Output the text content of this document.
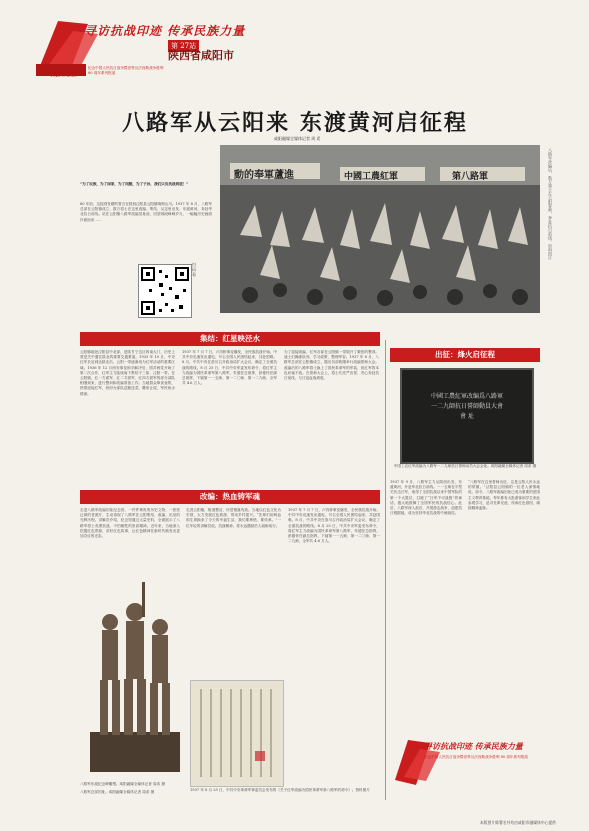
寻访抗战印迹 传承民族力量
第 27站
陕西省咸阳市
纪念中国人民抗日战争暨世界反法西斯战争胜利 80 周年系列报道
1945 — 2025
八路军从云阳来 东渡黄河启征程
咸阳融媒全媒体记者 周 希
“为了民族，为了国家，为了同胞，为了子孙，我们只有抗战到底！”
80 年前，这振聋发聩的誓言在陕西泾阳县云阳镇响彻山川。1937 年 8 月，八路军总部在云阳镇成立，数万将士在这里改编、集结，从这里出发，东渡黄河，奔赴华北抗日前线。站在云阳镇八路军改编旧址前，回望那段峥嵘岁月，一幅幅历史画面扑面而来……
扫码看
動的奉軍蘆進	中國工農紅軍	第八路軍	八路军改编后，数万将士在云阳誓师，奔赴抗日前线。资料图片
集结：红星映泾水
云阳镇地处泾阳县中北部，是陕甘宁边区的南大门，历史上曾是关中通往陕北的重要交通要道。1935 年 10 月，中央红军长征到达陕北后，云阳一带逐渐成为红军活动的重要区域。1936 年 12 月西安事变和平解决后，国共两党开始了第二次合作，红军主力陆续南下集结于三原、泾阳一带。在云阳镇，红一方面军、红二方面军、红四方面军的部分部队相继到来，进行整训和改编准备工作。当地群众箪食壶浆，热情迎接红军，纷纷为部队送粮送菜、腾房让屋，军民鱼水情深。
1937 年 7 月 7 日，卢沟桥事变爆发，全民族抗战开始。中共中央迅速发出通电，号召全国人民团结起来，共赴国难。8 月，中共中央在洛川召开政治局扩大会议，确定了全面抗战的路线。8 月 25 日，中共中央军委发布命令，将红军主力改编为国民革命军第八路军，朱德任总指挥，彭德怀任副总指挥，下辖第一一五师、第一二〇师、第一二九师，全军共 4.6 万人。
为了迎接改编，红军各部在云阳镇一带展开了紧张的整训。战士们操练队列、学习政策，整理军容。1937 年 8 月，八路军总部在云阳镇成立，随后各部相继举行改编誓师大会。改编后的八路军将士换上了国民革命军的军装，但红军的本色丝毫不改。在誓师大会上，将士们庄严宣誓，决心奔赴抗日前线，与日寇血战到底。
出征：烽火启征程
中國工農紅軍改编爲八路軍
一二九師抗日誓師動員大會
會 址
中国工农红军改编为八路军一二九师抗日誓师动员大会会址。咸阳融媒全媒体记者 周希 摄
1937 年 9 月，八路军主力从陕西出发，东渡黄河，开赴华北抗日前线。一一五师在平型关伏击日军，取得了全国抗战以来中国军队的第一个大胜仗，打破了“日军不可战胜”的神话，极大地鼓舞了全国军民的抗战信心。此后，八路军深入敌后，开展游击战争，创建抗日根据地，成为坚持华北抗战的中流砥柱。
“八路军在这里誓师出征，这是云阳人民永远的骄傲。”泾阳县云阳镇的一位老人深情地说。如今，八路军改编旧址已成为重要的爱国主义教育基地，每年都有大批游客和学生来此参观学习，追寻先辈足迹，传承红色基因，赓续精神血脉。
改编：热血铸军魂
走进八路军改编旧址纪念馆，一件件珍贵的历史文物、一张张泛黄的老照片，生动再现了八路军在云阳集结、改编、出征的光辉历程。讲解员介绍，纪念馆通过大量史料，全面展示了八路军将士英勇抗战、不怕牺牲的崇高精神。近年来，当地深入挖掘红色资源，讲好红色故事，让红色精神在新时代焕发出更加夺目的光彩。
走进云阳镇，街道整洁，民居错落有致。当地以红色文化为引领，大力发展红色旅游，带动乡村振兴。“先辈们用鲜血和生命换来了今天的幸福生活，我们要珍惜、要传承。”一位年轻的讲解员说。抗战精神，将永远激励后人砥砺前行。
1937 年 7 月 7 日，卢沟桥事变爆发，全民族抗战开始。中共中央迅速发出通电，号召全国人民团结起来，共赴国难。8 月，中共中央在洛川召开政治局扩大会议，确定了全面抗战的路线。8 月 25 日，中共中央军委发布命令，将红军主力改编为国民革命军第八路军，朱德任总指挥，彭德怀任副总指挥，下辖第一一五师、第一二〇师、第一二九师，全军共 4.6 万人。
八路军东渡纪念碑雕塑。咸阳融媒全媒体记者 周希 摄
1937 年 8 月 25 日，中共中央革命军事委员会发布的《关于红军改编为国民革命军第八路军的命令》。资料图片
八路军总部旧址。咸阳融媒全媒体记者 周希 摄
寻访抗战印迹 传承民族力量
纪念中国人民抗日战争暨世界反法西斯战争胜利 80 周年系列报道
本版图片除署名外均由咸阳市融媒体中心提供
